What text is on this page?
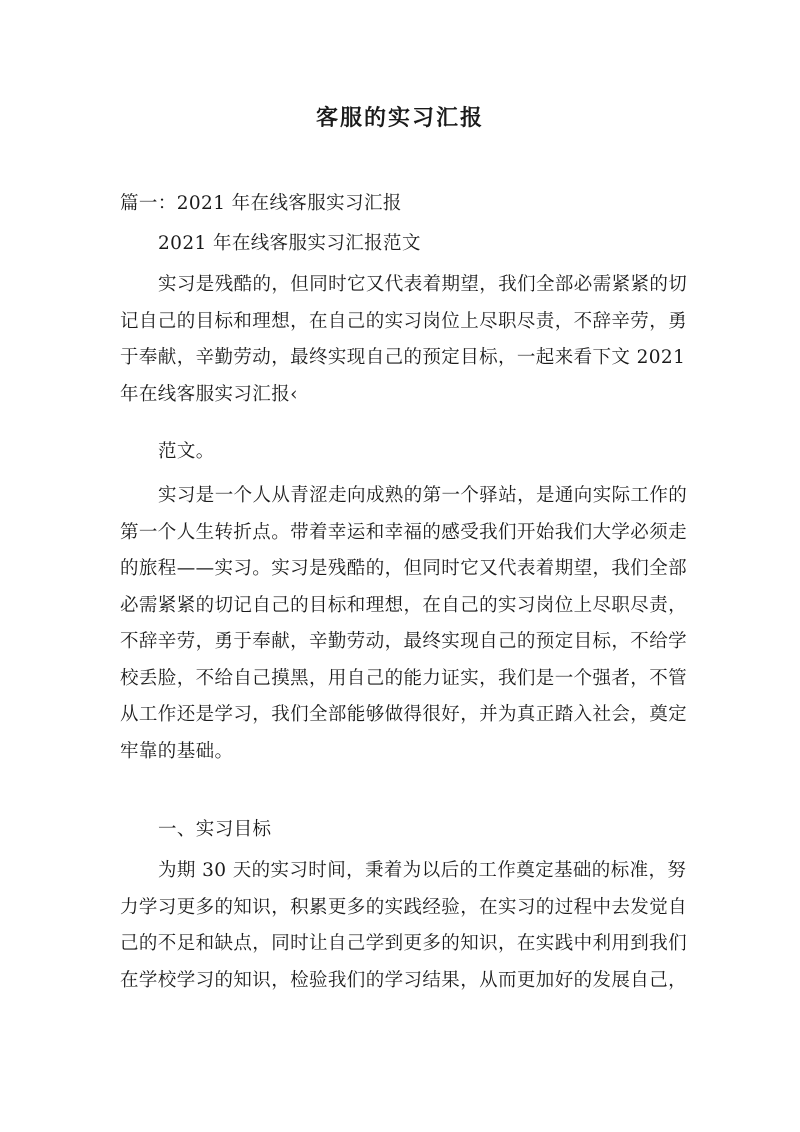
客服的实习汇报

篇一：2021 年在线客服实习汇报

2021 年在线客服实习汇报范文

实习是残酷的，但同时它又代表着期望，我们全部必需紧紧的切
记自己的目标和理想，在自己的实习岗位上尽职尽责，不辞辛劳，勇
于奉献，辛勤劳动，最终实现自己的预定目标，一起来看下文 2021
年在线客服实习汇报‹

范文。

实习是一个人从青涩走向成熟的第一个驿站，是通向实际工作的
第一个人生转折点。带着幸运和幸福的感受我们开始我们大学必须走
的旅程——实习。实习是残酷的，但同时它又代表着期望，我们全部
必需紧紧的切记自己的目标和理想，在自己的实习岗位上尽职尽责，
不辞辛劳，勇于奉献，辛勤劳动，最终实现自己的预定目标，不给学
校丢脸，不给自己摸黑，用自己的能力证实，我们是一个强者，不管
从工作还是学习，我们全部能够做得很好，并为真正踏入社会，奠定
牢靠的基础。

一、实习目标

为期 30 天的实习时间，秉着为以后的工作奠定基础的标准，努
力学习更多的知识，积累更多的实践经验，在实习的过程中去发觉自
己的不足和缺点，同时让自己学到更多的知识，在实践中利用到我们
在学校学习的知识，检验我们的学习结果，从而更加好的发展自己，
